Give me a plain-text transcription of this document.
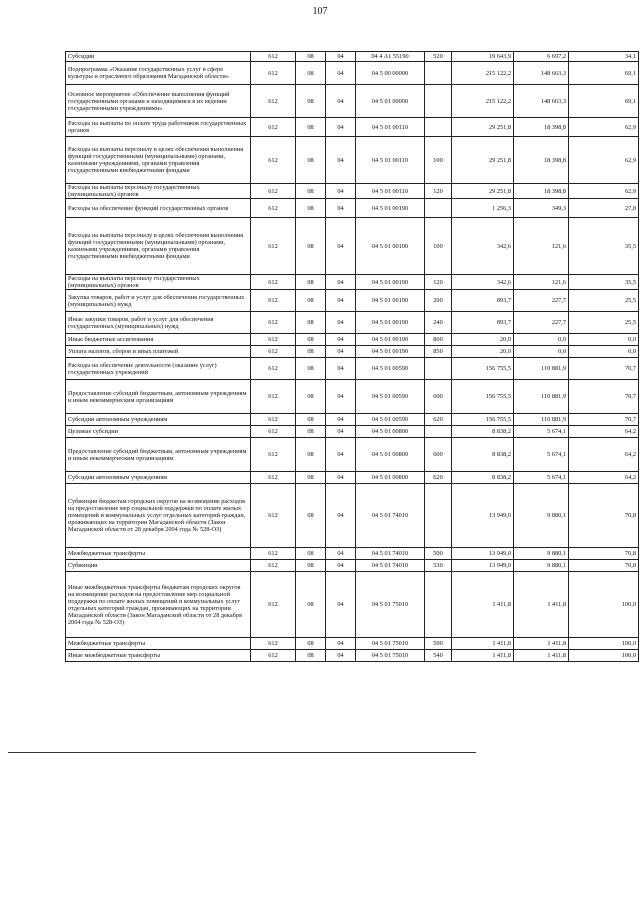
107
Субсидии	612	08	04	04 4 A1 55190	520	19 643,9	6 697,2	34,1
Подпрограмма «Оказание государственных услуг в сфере культуры и отраслевого образования Магаданской области»	612	08	04	04 5 00 00000		215 122,2	148 663,3	69,1
Основное мероприятие «Обеспечение выполнения функций государственными органами и находящимися в их ведении государственными учреждениями»	612	08	04	04 5 01 00000		215 122,2	148 663,3	69,1
Расходы на выплаты по оплате труда работников государственных органов	612	08	04	04 5 01 00110		29 251,8	18 398,8	62,9
Расходы на выплаты персоналу в целях обеспечения выполнения функций государственными (муниципальными) органами, казенными учреждениями, органами управления государственными внебюджетными фондами	612	08	04	04 5 01 00110	100	29 251,8	18 398,8	62,9
Расходы на выплаты персоналу государственных (муниципальных) органов	612	08	04	04 5 01 00110	120	29 251,8	18 398,8	62,9
Расходы на обеспечение функций государственных органов	612	08	04	04 5 01 00190		1 256,3	349,3	27,8
Расходы на выплаты персоналу в целях обеспечения выполнения функций государственными (муниципальными) органами, казенными учреждениями, органами управления государственными внебюджетными фондами	612	08	04	04 5 01 00190	100	342,6	121,6	35,5
Расходы на выплаты персоналу государственных (муниципальных) органов	612	08	04	04 5 01 00190	120	342,6	121,6	35,5
Закупка товаров, работ и услуг для обеспечения государственных (муниципальных) нужд	612	08	04	04 5 01 00190	200	893,7	227,7	25,5
Иные закупки товаров, работ и услуг для обеспечения государственных (муниципальных) нужд	612	08	04	04 5 01 00190	240	893,7	227,7	25,5
Иные бюджетные ассигнования	612	08	04	04 5 01 00190	800	20,0	0,0	0,0
Уплата налогов, сборов и иных платежей	612	08	04	04 5 01 00190	850	20,0	0,0	0,0
Расходы на обеспечение деятельности (оказание услуг) государственных учреждений	612	08	04	04 5 01 00590		156 755,5	110 881,9	70,7
Предоставление субсидий бюджетным, автономным учреждениям и иным некоммерческим организациям	612	08	04	04 5 01 00590	600	156 755,5	110 881,9	70,7
Субсидии автономным учреждениям	612	08	04	04 5 01 00590	620	156 755,5	110 881,9	70,7
Целевые субсидии	612	08	04	04 5 01 00800		8 838,2	5 674,1	64,2
Предоставление субсидий бюджетным, автономным учреждениям и иным некоммерческим организациям	612	08	04	04 5 01 00800	600	8 838,2	5 674,1	64,2
Субсидии автономным учреждениям	612	08	04	04 5 01 00800	620	8 838,2	5 674,1	64,2
Субвенции бюджетам городских округов на возмещение расходов на предоставление мер социальной поддержки по оплате жилых помещений и коммунальных услуг отдельных категорий граждан, проживающих на территории Магаданской области (Закон Магаданской области от 28 декабря 2004 года № 528-ОЗ)	612	08	04	04 5 01 74010		13 949,0	9 880,1	70,8
Межбюджетные трансферты	612	08	04	04 5 01 74010	500	13 949,0	9 880,1	70,8
Субвенции	612	08	04	04 5 01 74010	530	13 949,0	9 880,1	70,8
Иные межбюджетные трансферты бюджетам городских округов на возмещение расходов на предоставление мер социальной поддержки по оплате жилых помещений и коммунальных услуг отдельных категорий граждан, проживающих на территории Магаданской области (Закон Магаданской области от 28 декабря 2004 года № 528-ОЗ)	612	08	04	04 5 01 75010		1 411,8	1 411,8	100,0
Межбюджетные трансферты	612	08	04	04 5 01 75010	500	1 411,8	1 411,8	100,0
Иные межбюджетные трансферты	612	08	04	04 5 01 75010	540	1 411,8	1 411,8	100,0
